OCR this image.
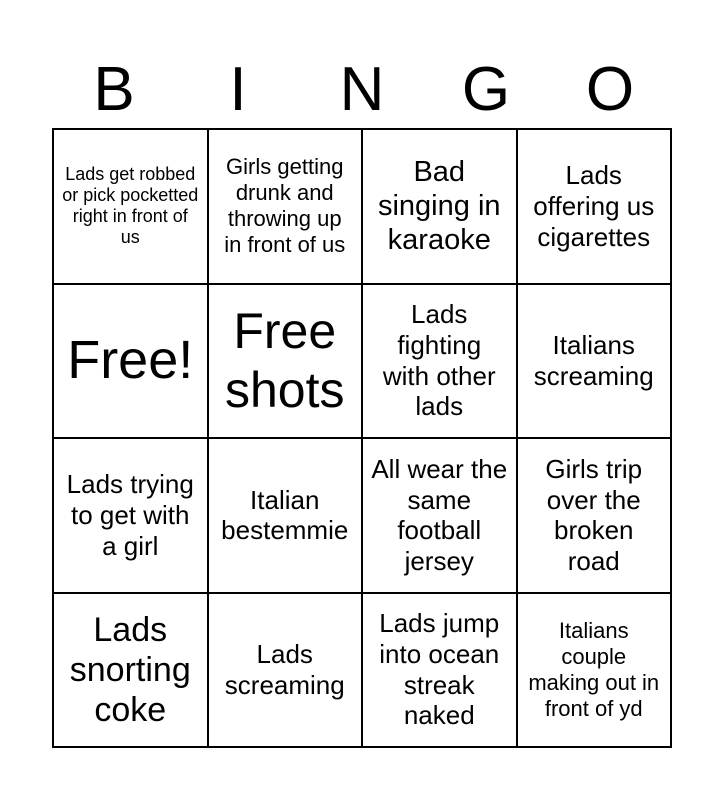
B	I	N	G	O
Lads get robbed or pick pocketted right in front of us
Girls getting drunk and throwing up in front of us
Bad singing in karaoke
Lads offering us cigarettes
Free! Free shots
Lads fighting with other lads
Italians screaming
Lads trying to get with a girl
Italian bestemmie
All wear the same football jersey
Girls trip over the broken road
Lads snorting coke
Lads screaming
Lads jump into ocean streak naked
Italians couple making out in front of yd
